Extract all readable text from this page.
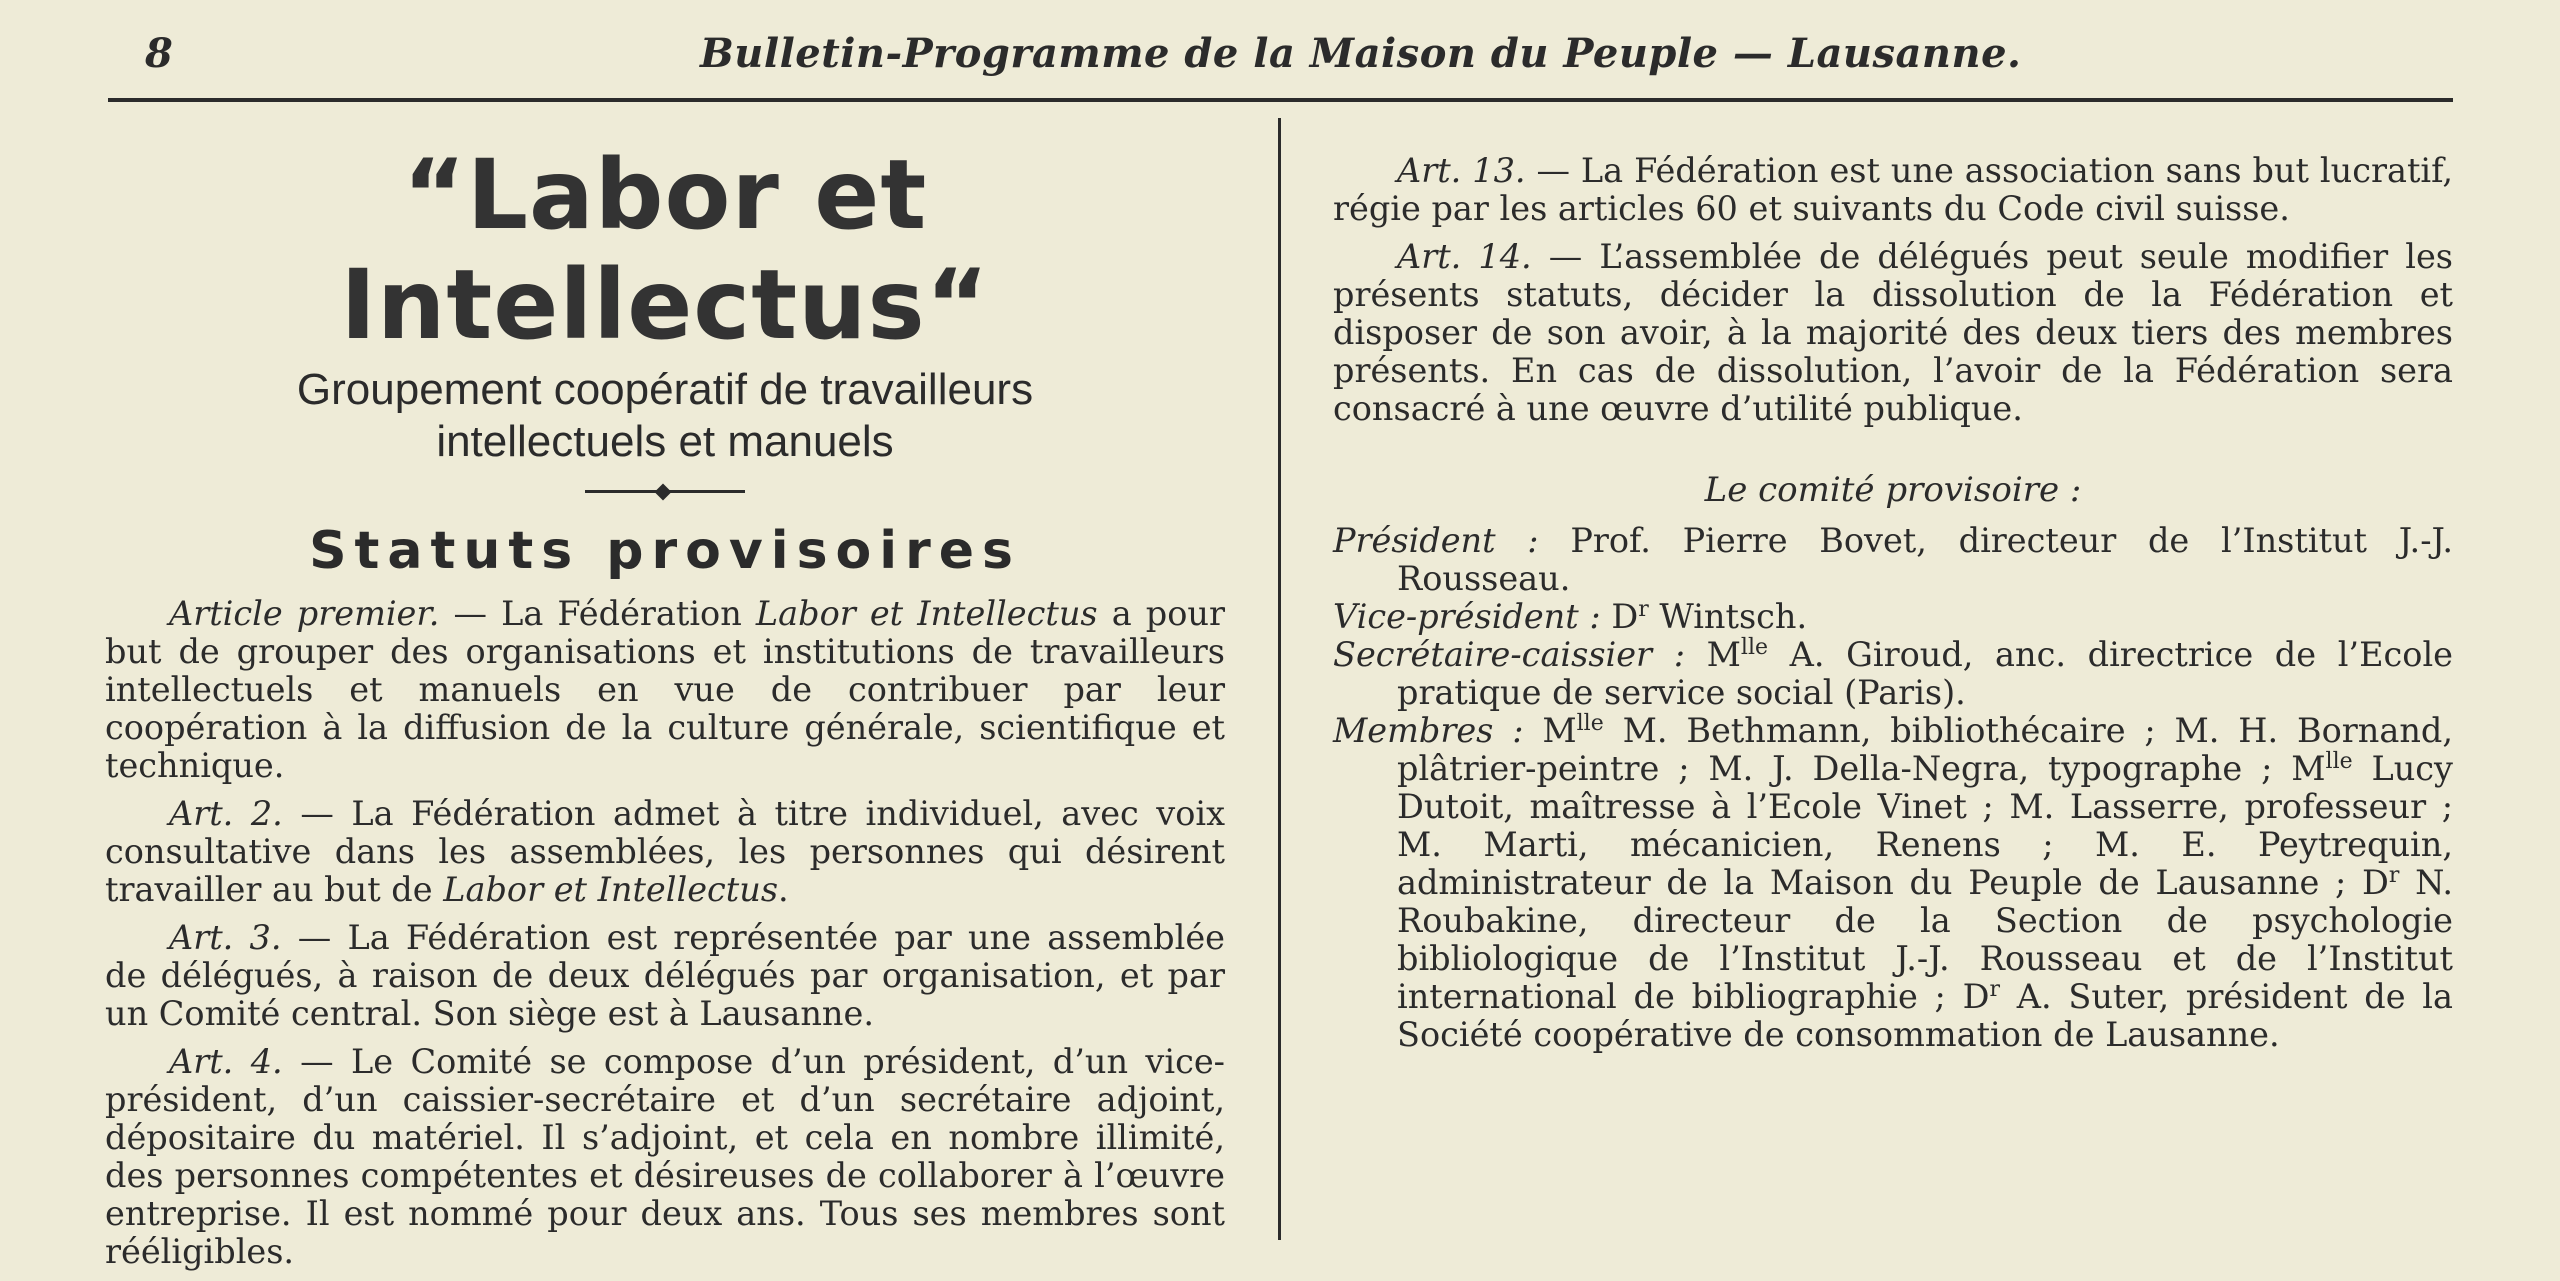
8	Bulletin-Programme de la Maison du Peuple — Lausanne.
“Labor et Intellectus“
Groupement coopératif de travailleurs
intellectuels et manuels
Statuts provisoires

Article premier. — La Fédération Labor et Intellectus a pour but de grouper des organisations et institutions de travailleurs intellectuels et manuels en vue de contribuer par leur coopération à la diffusion de la culture générale, scientifique et technique.

Art. 2. — La Fédération admet à titre individuel, avec voix consultative dans les assemblées, les personnes qui désirent travailler au but de Labor et Intellectus.

Art. 3. — La Fédération est représentée par une assemblée de délégués, à raison de deux délégués par organisation, et par un Comité central. Son siège est à Lausanne.

Art. 4. — Le Comité se compose d’un président, d’un vice-président, d’un caissier-secrétaire et d’un secrétaire adjoint, dépositaire du matériel. Il s’adjoint, et cela en nombre illimité, des personnes compétentes et désireuses de collaborer à l’œuvre entreprise. Il est nommé pour deux ans. Tous ses membres sont rééligibles.

Art. 13. — La Fédération est une association sans but lucratif, régie par les articles 60 et suivants du Code civil suisse.

Art. 14. — L’assemblée de délégués peut seule modifier les présents statuts, décider la dissolution de la Fédération et disposer de son avoir, à la majorité des deux tiers des membres présents. En cas de dissolution, l’avoir de la Fédération sera consacré à une œuvre d’utilité publique.

Le comité provisoire :

Président : Prof. Pierre Bovet, directeur de l’Institut J.-J. Rousseau.

Vice-président : $D^r$ Wintsch.

Secrétaire-caissier : $M^{lle}$ A. Giroud, anc. directrice de l’Ecole pratique de service social (Paris).

Membres : $M^{lle}$ M. Bethmann, bibliothécaire ; M. H. Bornand, plâtrier-peintre ; M. J. Della-Negra, typographe ; $M^{lle}$ Lucy Dutoit, maîtresse à l’Ecole Vinet ; M. Lasserre, professeur ; M. Marti, mécanicien, Renens ; M. E. Peytrequin, administrateur de la Maison du Peuple de Lausanne ; $D^r$ N. Roubakine, directeur de la Section de psychologie bibliologique de l’Institut J.-J. Rousseau et de l’Institut international de bibliographie ; $D^r$ A. Suter, président de la Société coopérative de consommation de Lausanne.
